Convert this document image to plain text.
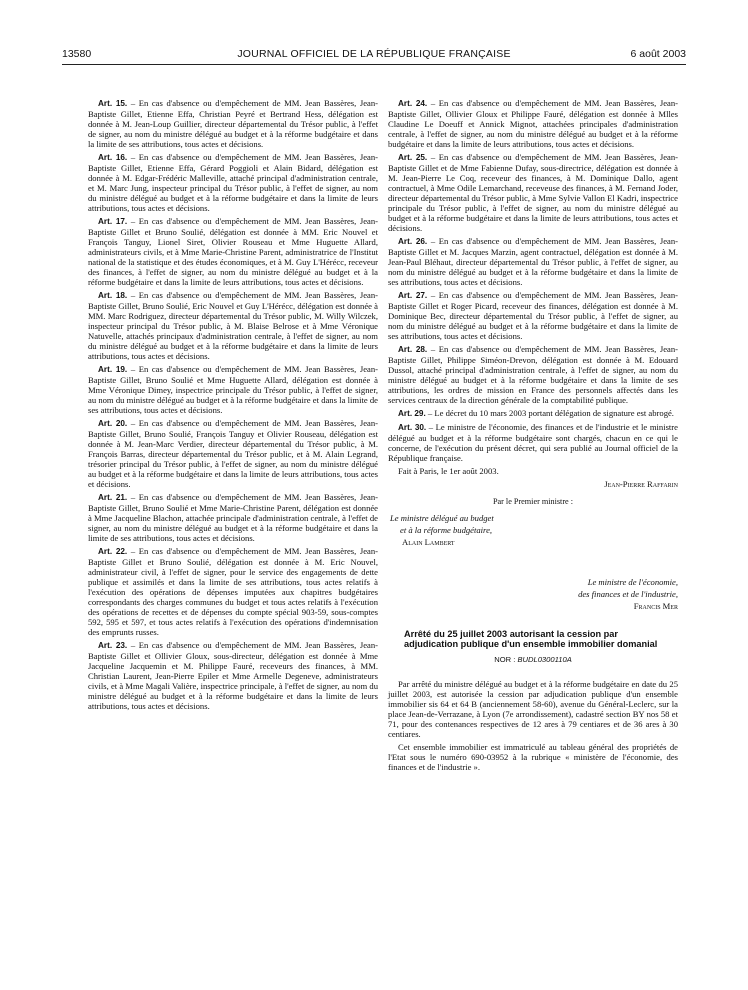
13580	JOURNAL OFFICIEL DE LA RÉPUBLIQUE FRANÇAISE	6 août 2003

Art. 15. – En cas d'absence ou d'empêchement de MM. Jean Bassères, Jean-Baptiste Gillet, Etienne Effa, Christian Peyré et Bertrand Hess, délégation est donnée à M. Jean-Loup Guillier, directeur départemental du Trésor public, à l'effet de signer, au nom du ministre délégué au budget et à la réforme budgétaire et dans la limite de ses attributions, tous actes et décisions.

Art. 16. – En cas d'absence ou d'empêchement de MM. Jean Bassères, Jean-Baptiste Gillet, Etienne Effa, Gérard Poggioli et Alain Bidard, délégation est donnée à M. Edgar-Frédéric Malleville, attaché principal d'administration centrale, et M. Marc Jung, inspecteur principal du Trésor public, à l'effet de signer, au nom du ministre délégué au budget et à la réforme budgétaire et dans la limite de leurs attributions, tous actes et décisions.

Art. 17. – En cas d'absence ou d'empêchement de MM. Jean Bassères, Jean-Baptiste Gillet et Bruno Soulié, délégation est donnée à MM. Eric Nouvel et François Tanguy, Lionel Siret, Olivier Rouseau et Mme Huguette Allard, administrateurs civils, et à Mme Marie-Christine Parent, administratrice de l'Institut national de la statistique et des études économiques, et à M. Guy L'Hérécc, receveur des finances, à l'effet de signer, au nom du ministre délégué au budget et à la réforme budgétaire et dans la limite de leurs attributions, tous actes et décisions.

Art. 18. – En cas d'absence ou d'empêchement de MM. Jean Bassères, Jean-Baptiste Gillet, Bruno Soulié, Eric Nouvel et Guy L'Hérécc, délégation est donnée à MM. Marc Rodriguez, directeur départemental du Trésor public, M. Willy Wilczek, inspecteur principal du Trésor public, à M. Blaise Belrose et à Mme Véronique Natuvelle, attachés principaux d'administration centrale, à l'effet de signer, au nom du ministre délégué au budget et à la réforme budgétaire et dans la limite de leurs attributions, tous actes et décisions.

Art. 19. – En cas d'absence ou d'empêchement de MM. Jean Bassères, Jean-Baptiste Gillet, Bruno Soulié et Mme Huguette Allard, délégation est donnée à Mme Véronique Dimey, inspectrice principale du Trésor public, à l'effet de signer, au nom du ministre délégué au budget et à la réforme budgétaire et dans la limite de ses attributions, tous actes et décisions.

Art. 20. – En cas d'absence ou d'empêchement de MM. Jean Bassères, Jean-Baptiste Gillet, Bruno Soulié, François Tanguy et Olivier Rouseau, délégation est donnée à M. Jean-Marc Verdier, directeur départemental du Trésor public, à M. François Barras, directeur départemental du Trésor public, et à M. Alain Legrand, trésorier principal du Trésor public, à l'effet de signer, au nom du ministre délégué au budget et à la réforme budgétaire et dans la limite de leurs attributions, tous actes et décisions.

Art. 21. – En cas d'absence ou d'empêchement de MM. Jean Bassères, Jean-Baptiste Gillet, Bruno Soulié et Mme Marie-Christine Parent, délégation est donnée à Mme Jacqueline Blachon, attachée principale d'administration centrale, à l'effet de signer, au nom du ministre délégué au budget et à la réforme budgétaire et dans la limite de ses attributions, tous actes et décisions.

Art. 22. – En cas d'absence ou d'empêchement de MM. Jean Bassères, Jean-Baptiste Gillet et Bruno Soulié, délégation est donnée à M. Eric Nouvel, administrateur civil, à l'effet de signer, pour le service des engagements de dette publique et assimilés et dans la limite de ses attributions, tous actes relatifs à l'exécution des opérations de dépenses imputées aux chapitres budgétaires correspondants des charges communes du budget et tous actes relatifs à l'exécution des opérations de recettes et de dépenses du compte spécial 903-59, sous-comptes 592, 595 et 597, et tous actes relatifs à l'exécution des opérations d'indemnisation des emprunts russes.

Art. 23. – En cas d'absence ou d'empêchement de MM. Jean Bassères, Jean-Baptiste Gillet et Ollivier Gloux, sous-directeur, délégation est donnée à Mme Jacqueline Jacquemin et M. Philippe Fauré, receveurs des finances, à MM. Christian Laurent, Jean-Pierre Epiler et Mme Armelle Degeneve, administrateurs civils, et à Mme Magali Valière, inspectrice principale, à l'effet de signer, au nom du ministre délégué au budget et à la réforme budgétaire et dans la limite de leurs attributions, tous actes et décisions.

Art. 24. – En cas d'absence ou d'empêchement de MM. Jean Bassères, Jean-Baptiste Gillet, Ollivier Gloux et Philippe Fauré, délégation est donnée à Mlles Claudine Le Doeuff et Annick Mignot, attachées principales d'administration centrale, à l'effet de signer, au nom du ministre délégué au budget et à la réforme budgétaire et dans la limite de leurs attributions, tous actes et décisions.

Art. 25. – En cas d'absence ou d'empêchement de MM. Jean Bassères, Jean-Baptiste Gillet et de Mme Fabienne Dufay, sous-directrice, délégation est donnée à M. Jean-Pierre Le Coq, receveur des finances, à M. Dominique Dallo, agent contractuel, à Mme Odile Lemarchand, receveuse des finances, à M. Fernand Joder, directeur départemental du Trésor public, à Mme Sylvie Vallon El Kadri, inspectrice principale du Trésor public, à l'effet de signer, au nom du ministre délégué au budget et à la réforme budgétaire et dans la limite de leurs attributions, tous actes et décisions.

Art. 26. – En cas d'absence ou d'empêchement de MM. Jean Bassères, Jean-Baptiste Gillet et M. Jacques Marzin, agent contractuel, délégation est donnée à M. Jean-Paul Bléhaut, directeur départemental du Trésor public, à l'effet de signer, au nom du ministre délégué au budget et à la réforme budgétaire et dans la limite de ses attributions, tous actes et décisions.

Art. 27. – En cas d'absence ou d'empêchement de MM. Jean Bassères, Jean-Baptiste Gillet et Roger Picard, receveur des finances, délégation est donnée à M. Dominique Bec, directeur départemental du Trésor public, à l'effet de signer, au nom du ministre délégué au budget et à la réforme budgétaire et dans la limite de ses attributions, tous actes et décisions.

Art. 28. – En cas d'absence ou d'empêchement de MM. Jean Bassères, Jean-Baptiste Gillet, Philippe Siméon-Drevon, délégation est donnée à M. Edouard Dussol, attaché principal d'administration centrale, à l'effet de signer, au nom du ministre délégué au budget et à la réforme budgétaire et dans la limite de ses attributions, les ordres de mission en France des personnels affectés dans les services centraux de la direction générale de la comptabilité publique.

Art. 29. – Le décret du 10 mars 2003 portant délégation de signature est abrogé.

Art. 30. – Le ministre de l'économie, des finances et de l'industrie et le ministre délégué au budget et à la réforme budgétaire sont chargés, chacun en ce qui le concerne, de l'exécution du présent décret, qui sera publié au Journal officiel de la République française.

Fait à Paris, le 1er août 2003.

Jean-Pierre Raffarin
Par le Premier ministre :
Le ministre délégué au budget
et à la réforme budgétaire,
Alain Lambert
Le ministre de l'économie,
des finances et de l'industrie,
Francis Mer
Arrêté du 25 juillet 2003 autorisant la cession par adjudication publique d'un ensemble immobilier domanial
NOR : BUDL0300110A

Par arrêté du ministre délégué au budget et à la réforme budgétaire en date du 25 juillet 2003, est autorisée la cession par adjudication publique d'un ensemble immobilier sis 64 et 64 B (anciennement 58-60), avenue du Général-Leclerc, sur la place Jean-de-Verrazane, à Lyon (7e arrondissement), cadastré section BY nos 58 et 71, pour des contenances respectives de 12 ares à 79 centiares et de 36 ares à 30 centiares.

Cet ensemble immobilier est immatriculé au tableau général des propriétés de l'Etat sous le numéro 690-03952 à la rubrique « ministère de l'économie, des finances et de l'industrie ».
